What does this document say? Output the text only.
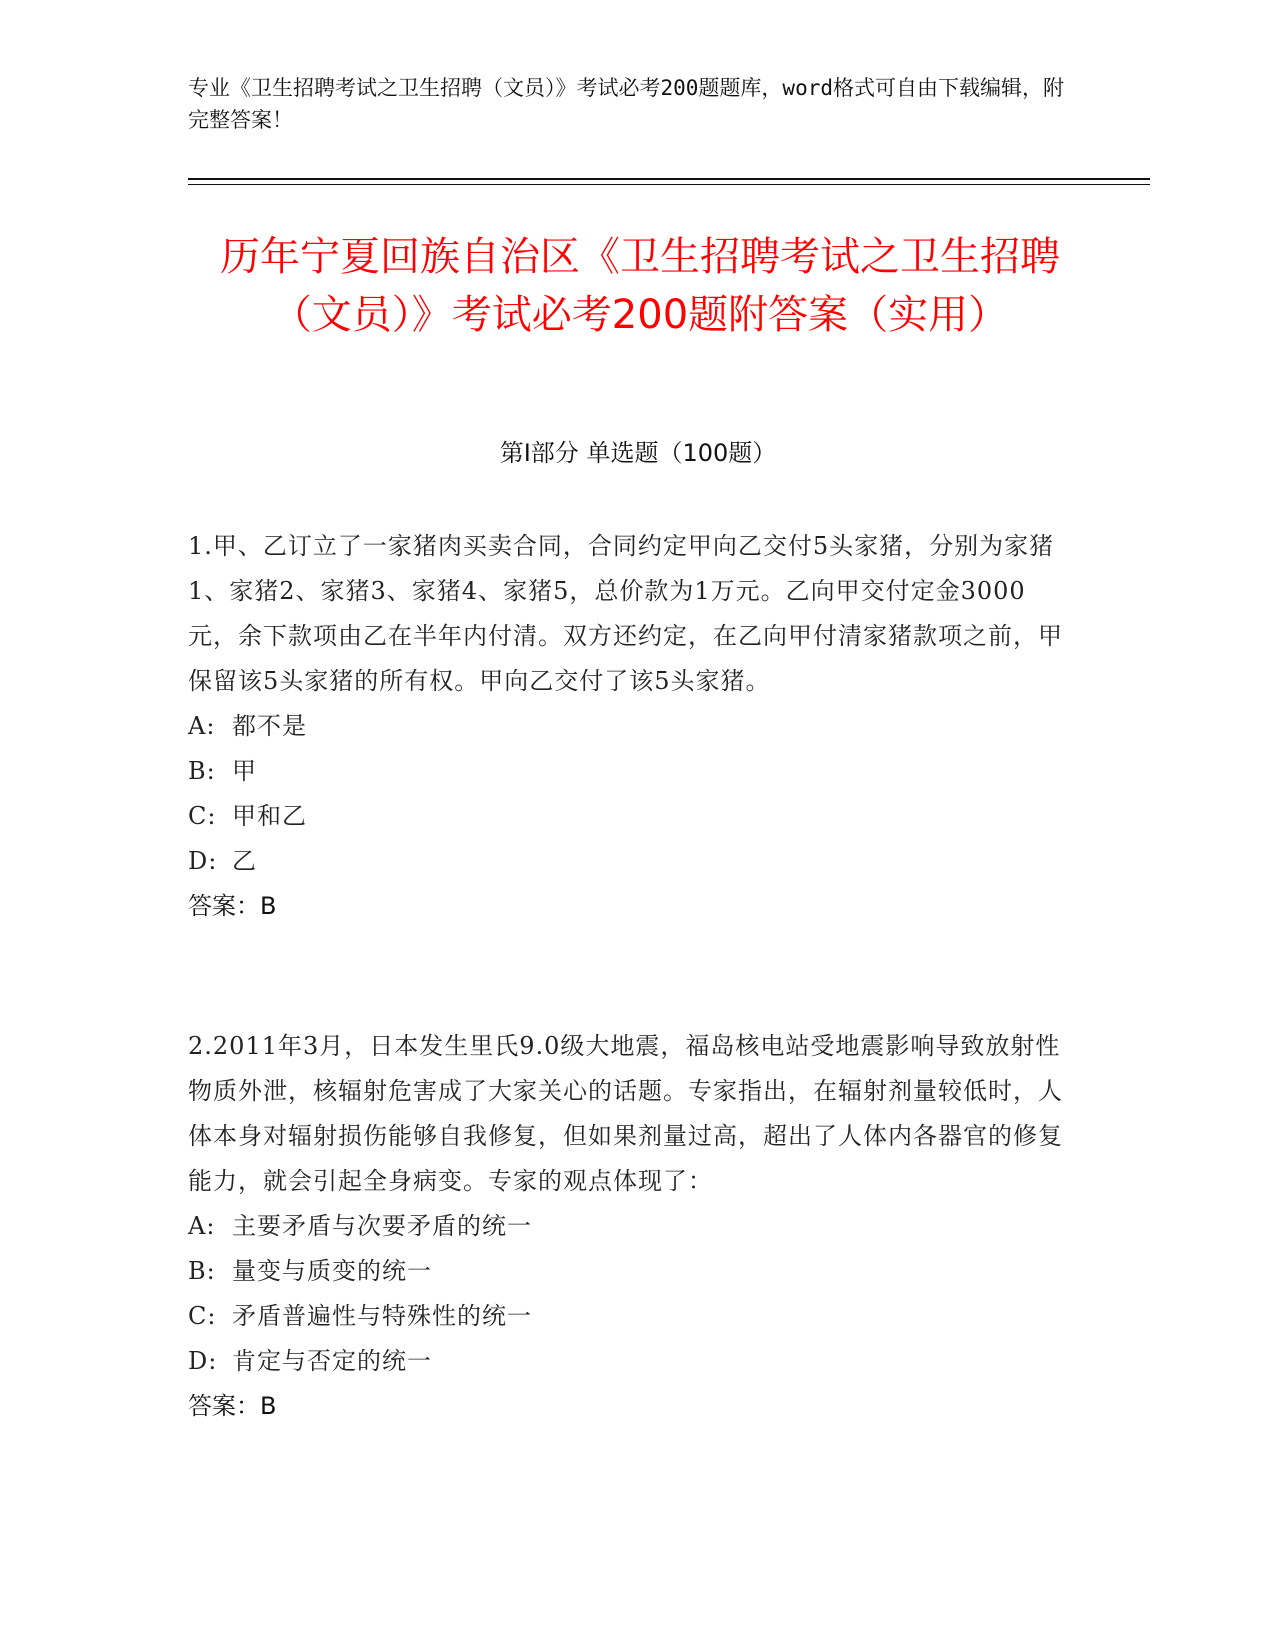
专业《卫生招聘考试之卫生招聘（文员）》考试必考200题题库，word格式可自由下载编辑，附完整答案！
历年宁夏回族自治区《卫生招聘考试之卫生招聘（文员）》考试必考200题附答案（实用）
第I部分 单选题（100题）
1.甲、乙订立了一家猪肉买卖合同，合同约定甲向乙交付5头家猪，分别为家猪1、家猪2、家猪3、家猪4、家猪5，总价款为1万元。乙向甲交付定金3000元，余下款项由乙在半年内付清。双方还约定，在乙向甲付清家猪款项之前，甲保留该5头家猪的所有权。甲向乙交付了该5头家猪。
A: 都不是
B: 甲
C: 甲和乙
D: 乙
答案：B
2.2011年3月，日本发生里氏9.0级大地震，福岛核电站受地震影响导致放射性物质外泄，核辐射危害成了大家关心的话题。专家指出，在辐射剂量较低时，人体本身对辐射损伤能够自我修复，但如果剂量过高，超出了人体内各器官的修复能力，就会引起全身病变。专家的观点体现了：
A: 主要矛盾与次要矛盾的统一
B: 量变与质变的统一
C: 矛盾普遍性与特殊性的统一
D: 肯定与否定的统一
答案：B
